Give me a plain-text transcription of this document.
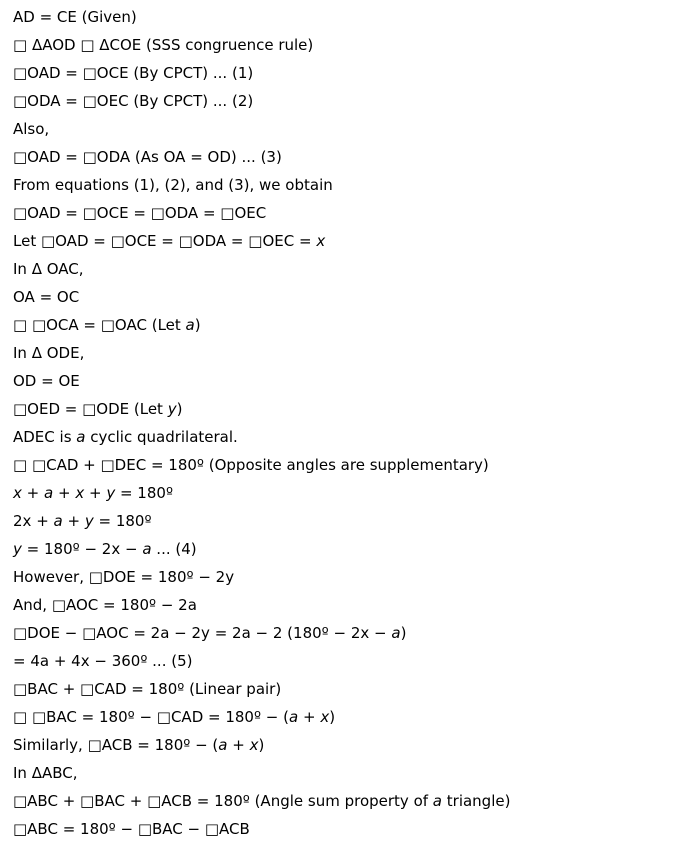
AD = CE (Given)
□ ΔAOD □ ΔCOE (SSS congruence rule)
□OAD = □OCE (By CPCT) ... (1)
□ODA = □OEC (By CPCT) ... (2)
Also,
□OAD = □ODA (As OA = OD) ... (3)
From equations (1), (2), and (3), we obtain
□OAD = □OCE = □ODA = □OEC
Let □OAD = □OCE = □ODA = □OEC = x
In Δ OAC,
OA = OC
□ □OCA = □OAC (Let a)
In Δ ODE,
OD = OE
□OED = □ODE (Let y)
ADEC is a cyclic quadrilateral.
□ □CAD + □DEC = 180º (Opposite angles are supplementary)
x + a + x + y = 180º
2x + a + y = 180º
y = 180º − 2x − a ... (4)
However, □DOE = 180º − 2y
And, □AOC = 180º − 2a
□DOE − □AOC = 2a − 2y = 2a − 2 (180º − 2x − a)
= 4a + 4x − 360º ... (5)
□BAC + □CAD = 180º (Linear pair)
□ □BAC = 180º − □CAD = 180º − (a + x)
Similarly, □ACB = 180º − (a + x)
In ΔABC,
□ABC + □BAC + □ACB = 180º (Angle sum property of a triangle)
□ABC = 180º − □BAC − □ACB
